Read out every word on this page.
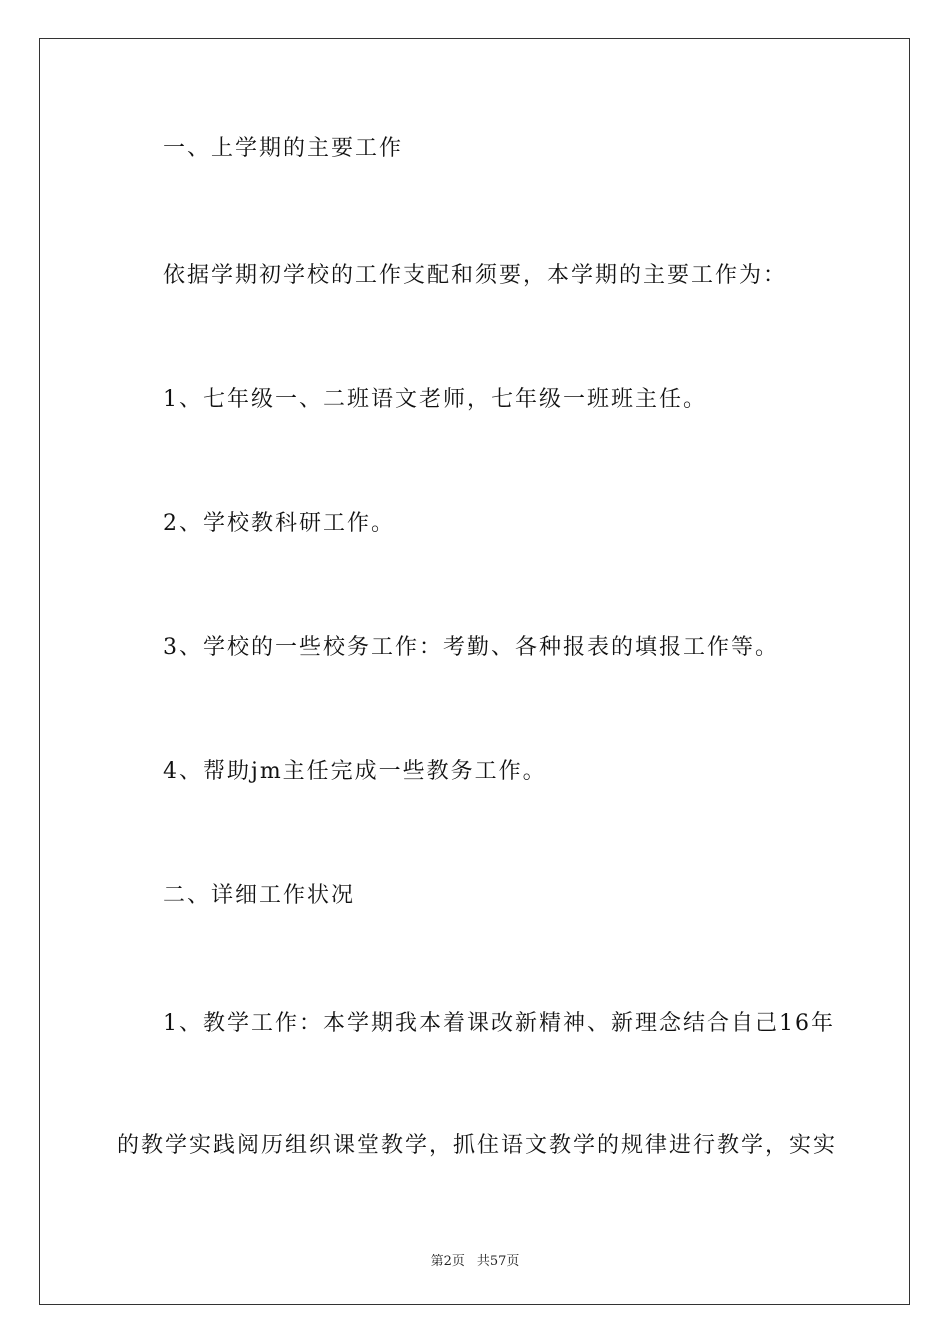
一、上学期的主要工作
依据学期初学校的工作支配和须要，本学期的主要工作为：
1、七年级一、二班语文老师，七年级一班班主任。
2、学校教科研工作。
3、学校的一些校务工作：考勤、各种报表的填报工作等。
4、帮助jm主任完成一些教务工作。
二、详细工作状况
1、教学工作：本学期我本着课改新精神、新理念结合自己16年
的教学实践阅历组织课堂教学，抓住语文教学的规律进行教学，实实
第2页 共57页
